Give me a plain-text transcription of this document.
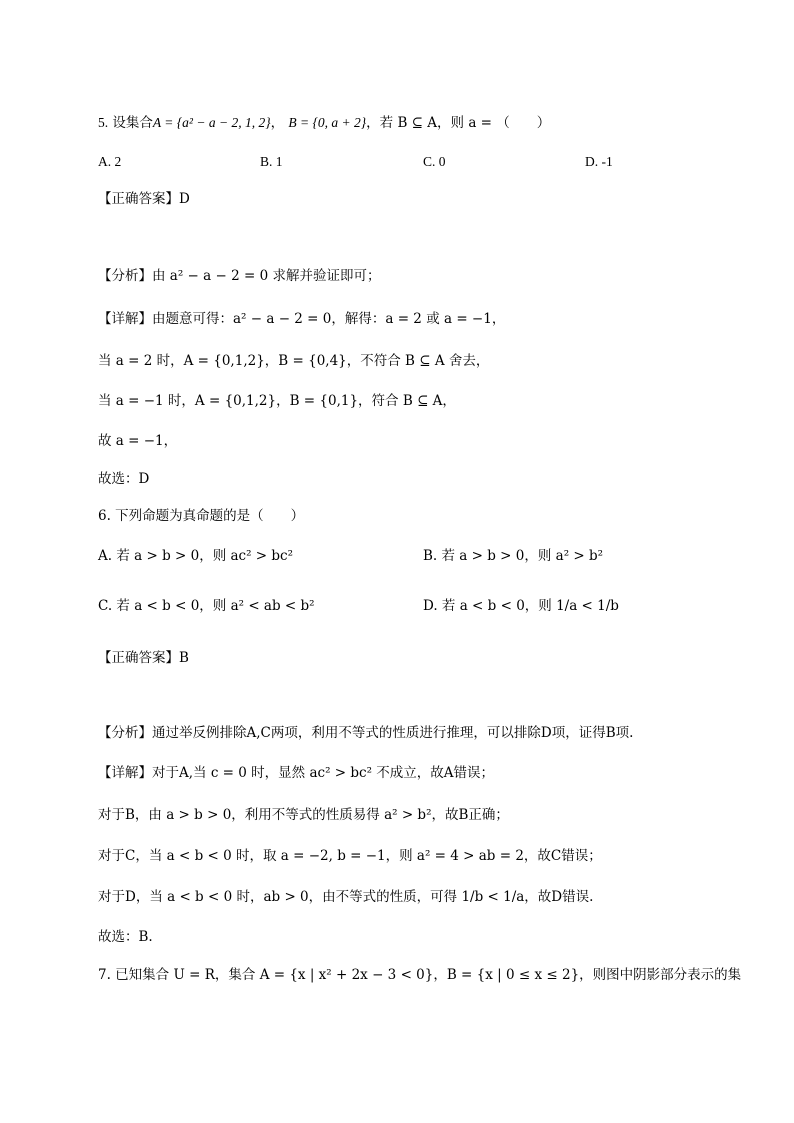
5. 设集合A = {a² − a − 2, 1, 2}， B = {0, a + 2}，若 B ⊆ A，则 a = （　　）
A. 2	B. 1	C. 0	D. -1
【正确答案】D
【分析】由 a² − a − 2 = 0 求解并验证即可；
【详解】由题意可得：a² − a − 2 = 0，解得：a = 2 或 a = −1，
当 a = 2 时，A = {0,1,2}，B = {0,4}，不符合 B ⊆ A 舍去，
当 a = −1 时，A = {0,1,2}，B = {0,1}，符合 B ⊆ A，
故 a = −1，
故选：D
6. 下列命题为真命题的是（　　）
A. 若 a > b > 0，则 ac² > bc²	B. 若 a > b > 0，则 a² > b²
C. 若 a < b < 0，则 a² < ab < b²	D. 若 a < b < 0，则 1/a < 1/b
【正确答案】B
【分析】通过举反例排除A,C两项，利用不等式的性质进行推理，可以排除D项，证得B项.
【详解】对于A,当 c = 0 时，显然 ac² > bc² 不成立，故A错误；
对于B，由 a > b > 0，利用不等式的性质易得 a² > b²，故B正确；
对于C，当 a < b < 0 时，取 a = −2, b = −1，则 a² = 4 > ab = 2，故C错误；
对于D，当 a < b < 0 时，ab > 0，由不等式的性质，可得 1/b < 1/a，故D错误.
故选：B.
7. 已知集合 U = R，集合 A = {x | x² + 2x − 3 < 0}，B = {x | 0 ≤ x ≤ 2}，则图中阴影部分表示的集
